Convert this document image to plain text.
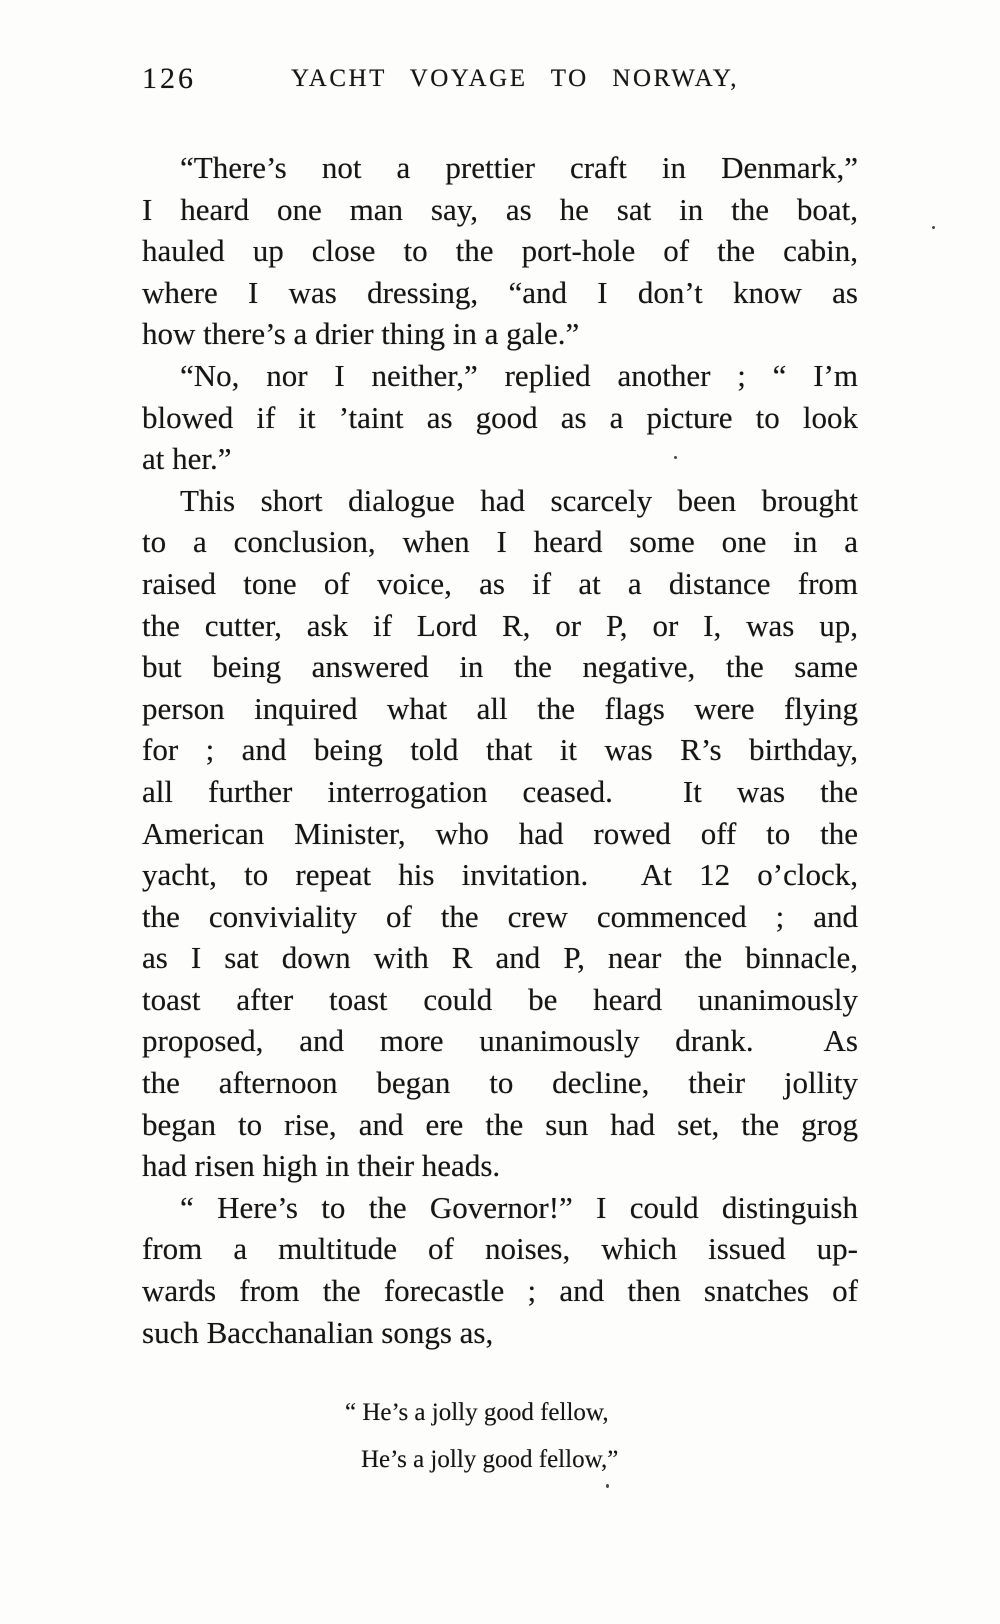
126	YACHT VOYAGE TO NORWAY,
“There’s not a prettier craft in Denmark,”
I heard one man say, as he sat in the boat,
hauled up close to the port-hole of the cabin,
where I was dressing, “and I don’t know as
how there’s a drier thing in a gale.”
“No, nor I neither,” replied another ; “ I’m
blowed if it ’taint as good as a picture to look
at her.”
This short dialogue had scarcely been brought
to a conclusion, when I heard some one in a
raised tone of voice, as if at a distance from
the cutter, ask if Lord R, or P, or I, was up,
but being answered in the negative, the same
person inquired what all the flags were flying
for ; and being told that it was R’s birthday,
all further interrogation ceased.  It was the
American Minister, who had rowed off to the
yacht, to repeat his invitation.  At 12 o’clock,
the conviviality of the crew commenced ; and
as I sat down with R and P, near the binnacle,
toast after toast could be heard unanimously
proposed, and more unanimously drank.  As
the afternoon began to decline, their jollity
began to rise, and ere the sun had set, the grog
had risen high in their heads.
“ Here’s to the Governor!” I could distinguish
from a multitude of noises, which issued up-
wards from the forecastle ; and then snatches of
such Bacchanalian songs as,
“ He’s a jolly good fellow,
He’s a jolly good fellow,”
